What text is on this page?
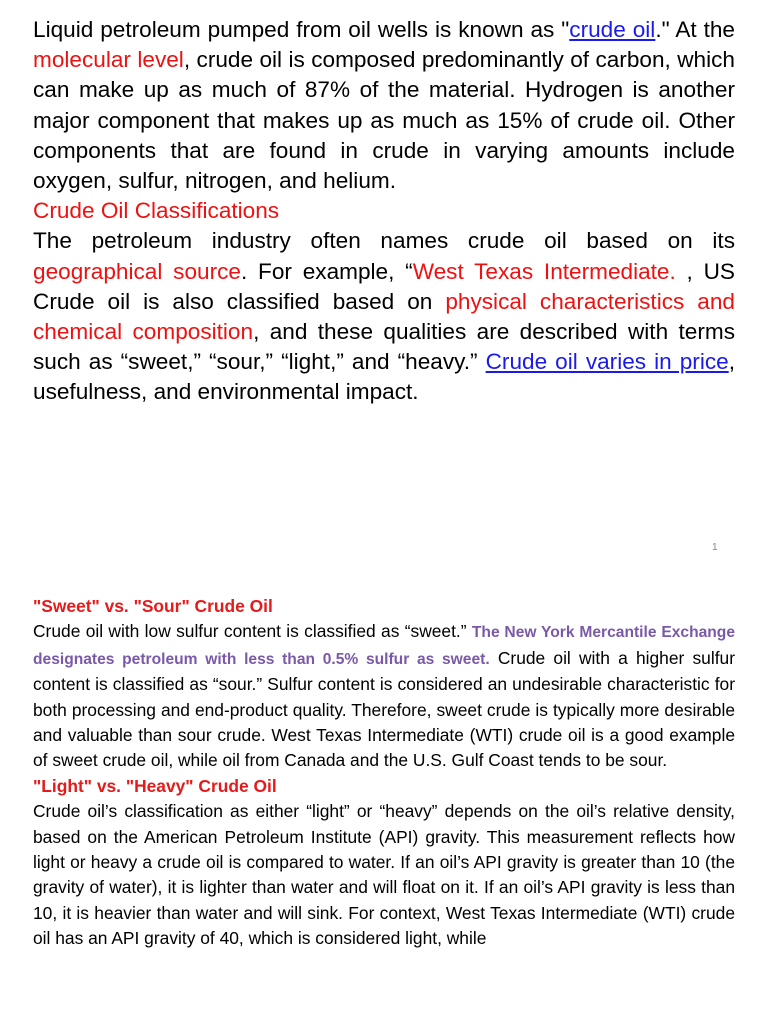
Liquid petroleum pumped from oil wells is known as "crude oil." At the molecular level, crude oil is composed predominantly of carbon, which can make up as much of 87% of the material. Hydrogen is another major component that makes up as much as 15% of crude oil. Other components that are found in crude in varying amounts include oxygen, sulfur, nitrogen, and helium.

Crude Oil Classifications

The petroleum industry often names crude oil based on its geographical source. For example, “West Texas Intermediate. , US Crude oil is also classified based on physical characteristics and chemical composition, and these qualities are described with terms such as “sweet,” “sour,” “light,” and “heavy.” Crude oil varies in price, usefulness, and environmental impact.

1

"Sweet" vs. "Sour" Crude Oil

Crude oil with low sulfur content is classified as “sweet.” The New York Mercantile Exchange designates petroleum with less than 0.5% sulfur as sweet. Crude oil with a higher sulfur content is classified as “sour.” Sulfur content is considered an undesirable characteristic for both processing and end-product quality. Therefore, sweet crude is typically more desirable and valuable than sour crude. West Texas Intermediate (WTI) crude oil is a good example of sweet crude oil, while oil from Canada and the U.S. Gulf Coast tends to be sour.

"Light" vs. "Heavy" Crude Oil

Crude oil’s classification as either “light” or “heavy” depends on the oil’s relative density, based on the American Petroleum Institute (API) gravity. This measurement reflects how light or heavy a crude oil is compared to water. If an oil’s API gravity is greater than 10 (the gravity of water), it is lighter than water and will float on it. If an oil’s API gravity is less than 10, it is heavier than water and will sink. For context, West Texas Intermediate (WTI) crude oil has an API gravity of 40, which is considered light, while
